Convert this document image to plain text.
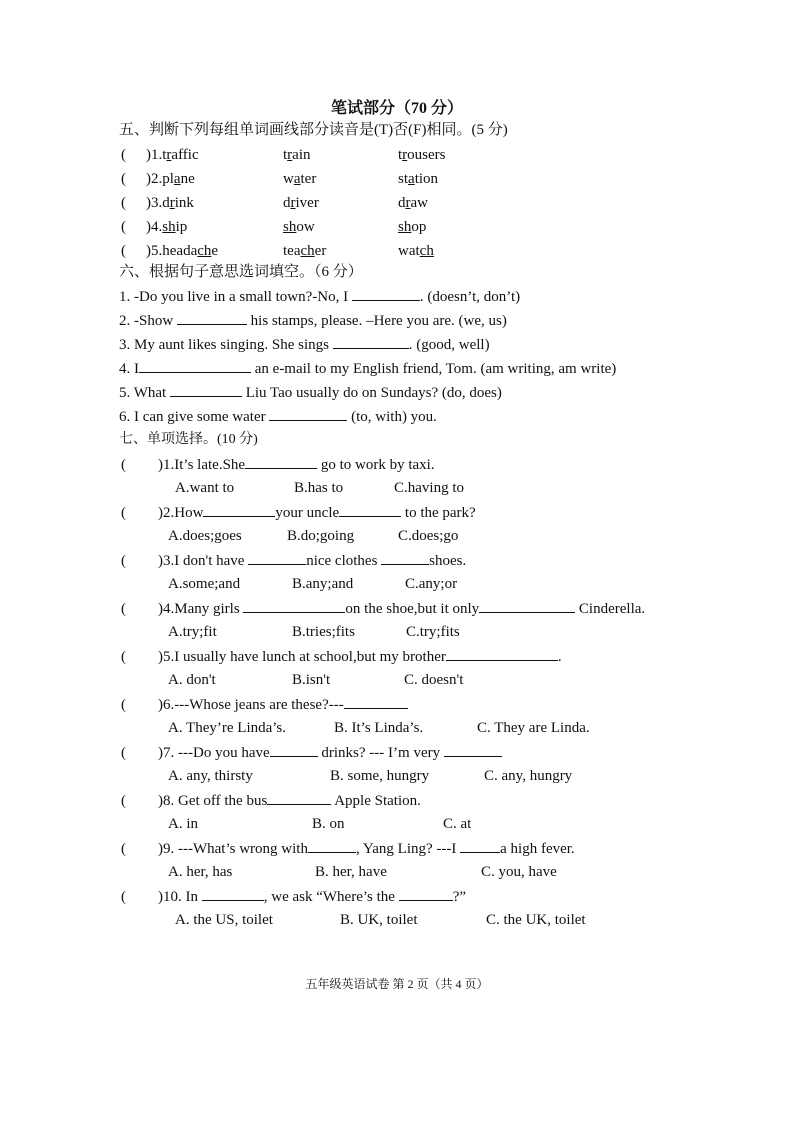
笔试部分（70 分）
五、判断下列每组单词画线部分读音是(T)否(F)相同。(5 分)
( )1.traffic	train	trousers
( )2.plane	water	station
( )3.drink	driver	draw
( )4.ship	show	shop
( )5.headache	teacher	watch
六、根据句子意思选词填空。（6 分）
1. -Do you live in a small town?-No, I	. (doesn’t, don’t)
2. -Show	his stamps, please. –Here you are. (we, us)
3. My aunt likes singing. She sings	. (good, well)
4. I	an e-mail to my English friend, Tom. (am writing, am write)
5. What	Liu Tao usually do on Sundays? (do, does)
6. I can give some water	(to, with) you.
七、单项选择。(10 分)
( )1.It’s late.She	go to work by taxi.
A.want to	B.has to	C.having to
( )2.How	your uncle	to the park?
A.does;goes	B.do;going	C.does;go
( )3.I don't have	nice clothes	shoes.
A.some;and	B.any;and	C.any;or
( )4.Many girls	on the shoe,but it only	Cinderella.
A.try;fit	B.tries;fits	C.try;fits
( )5.I usually have lunch at school,but my brother	.
A. don't	B.isn't	C. doesn't
( )6.---Whose jeans are these?---
A. They’re Linda’s.	B. It’s Linda’s.	C. They are Linda.
( )7. ---Do you have	drinks? --- I’m very
A. any, thirsty	B. some, hungry	C. any, hungry
( )8. Get off the bus	Apple Station.
A. in	B. on	C. at
( )9. ---What’s wrong with	, Yang Ling? ---I	a high fever.
A. her, has	B. her, have	C. you, have
( )10. In	, we ask “Where’s the	?”
A. the US, toilet	B. UK, toilet	C. the UK, toilet
五年级英语试卷 第 2 页（共 4 页）
